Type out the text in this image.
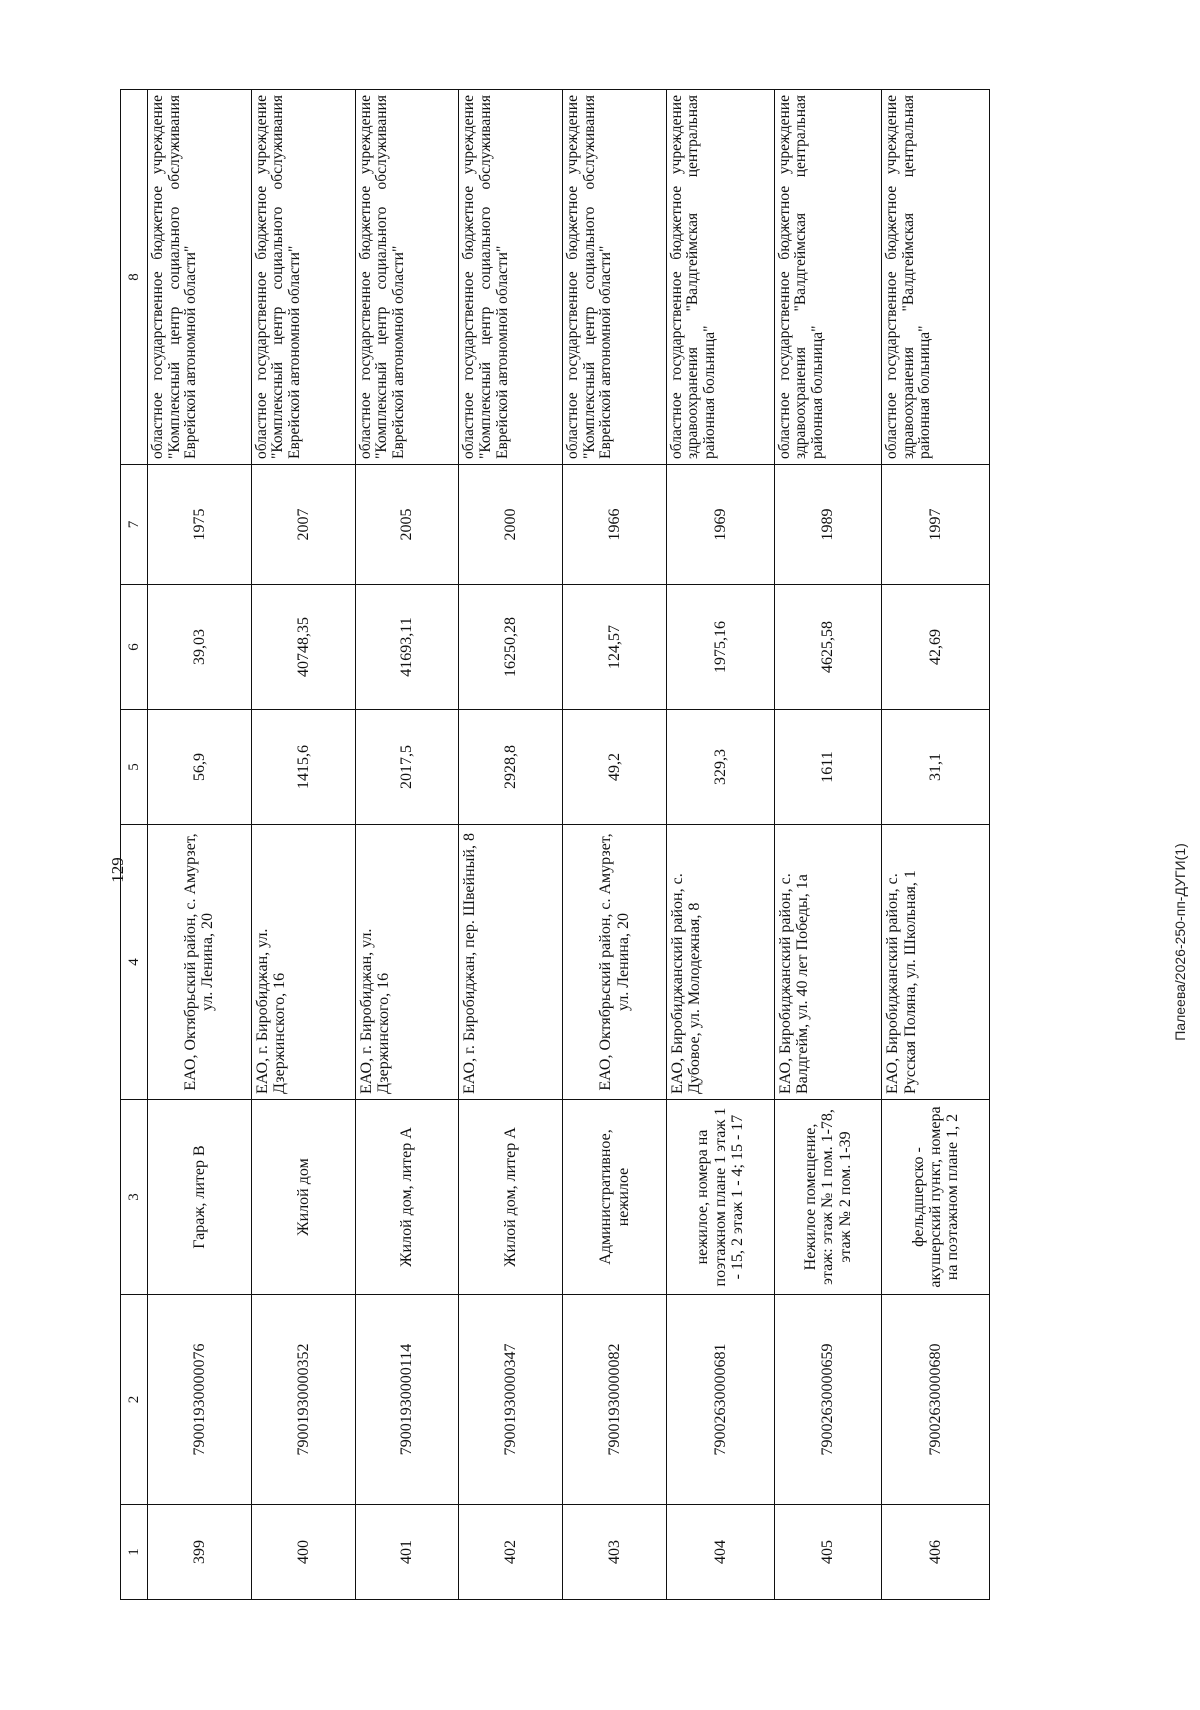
129
1	2	3	4	5	6	7	8
399	79001930000076	Гараж, литер В	ЕАО, Октябрьский район, с. Амурзет, ул. Ленина, 20	56,9	39,03	1975	областное государственное бюджетное учреждение "Комплексный центр социального обслуживания Еврейской автономной области"
400	79001930000352	Жилой дом	ЕАО, г. Биробиджан, ул. Дзержинского, 16	1415,6	40748,35	2007	областное государственное бюджетное учреждение "Комплексный центр социального обслуживания Еврейской автономной области"
401	79001930000114	Жилой дом, литер А	ЕАО, г. Биробиджан, ул. Дзержинского, 16	2017,5	41693,11	2005	областное государственное бюджетное учреждение "Комплексный центр социального обслуживания Еврейской автономной области"
402	79001930000347	Жилой дом, литер А	ЕАО, г. Биробиджан, пер. Швейный, 8	2928,8	16250,28	2000	областное государственное бюджетное учреждение "Комплексный центр социального обслуживания Еврейской автономной области"
403	79001930000082	Административное, нежилое	ЕАО, Октябрьский район, с. Амурзет, ул. Ленина, 20	49,2	124,57	1966	областное государственное бюджетное учреждение "Комплексный центр социального обслуживания Еврейской автономной области"
404	79002630000681	нежилое, номера на поэтажном плане 1 этаж 1 - 15, 2 этаж 1 - 4; 15 - 17	ЕАО, Биробиджанский район, с. Дубовое, ул. Молодежная, 8	329,3	1975,16	1969	областное государственное бюджетное учреждение здравоохранения "Валдгеймская центральная районная больница"
405	79002630000659	Нежилое помещение, этаж: этаж № 1 пом. 1-78, этаж № 2 пом. 1-39	ЕАО, Биробиджанский район, с. Валдгейм, ул. 40 лет Победы, 1а	1611	4625,58	1989	областное государственное бюджетное учреждение здравоохранения "Валдгеймская центральная районная больница"
406	79002630000680	фельдшерско - акушерский пункт, номера на поэтажном плане 1, 2	ЕАО, Биробиджанский район, с. Русская Поляна, ул. Школьная, 1	31,1	42,69	1997	областное государственное бюджетное учреждение здравоохранения "Валдгеймская центральная районная больница"
Палеева/2026-250-пп-ДУГИ(1)
